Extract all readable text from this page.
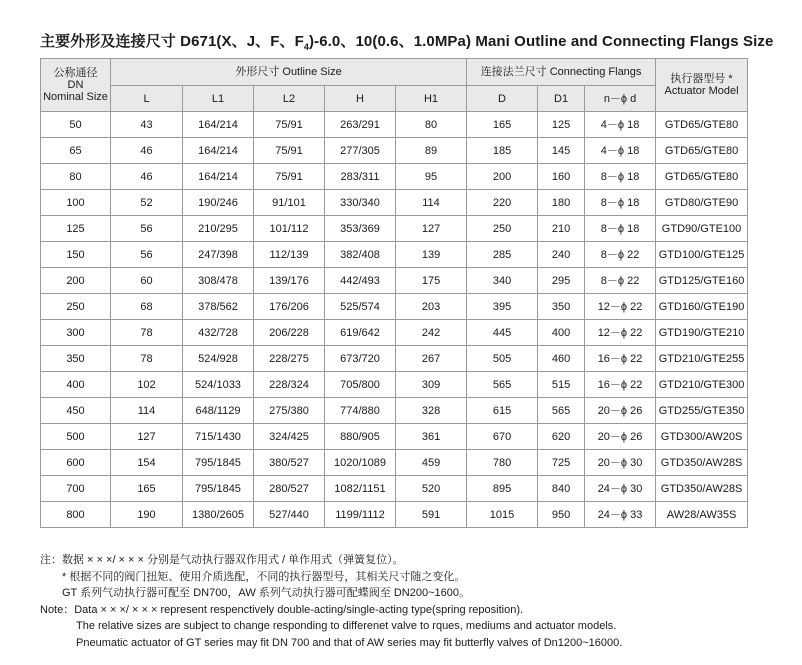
主要外形及连接尺寸 D671(X、J、F、$F_4)-6.0$、10(0.6、1.0MPa) Mani Outline and Connecting Flangs Size
公称通径
DN
Nominal Size	外形尺寸 Outline Size					连接法兰尺寸 Connecting Flangs			执行器型号 *
Actuator Model
	L	L1	L2	H	H1	D	D1	n－ϕ d	
50	43	164/214	75/91	263/291	80	165	125	4－ϕ 18	GTD65/GTE80
65	46	164/214	75/91	277/305	89	185	145	4－ϕ 18	GTD65/GTE80
80	46	164/214	75/91	283/311	95	200	160	8－ϕ 18	GTD65/GTE80
100	52	190/246	91/101	330/340	114	220	180	8－ϕ 18	GTD80/GTE90
125	56	210/295	101/112	353/369	127	250	210	8－ϕ 18	GTD90/GTE100
150	56	247/398	112/139	382/408	139	285	240	8－ϕ 22	GTD100/GTE125
200	60	308/478	139/176	442/493	175	340	295	8－ϕ 22	GTD125/GTE160
250	68	378/562	176/206	525/574	203	395	350	12－ϕ 22	GTD160/GTE190
300	78	432/728	206/228	619/642	242	445	400	12－ϕ 22	GTD190/GTE210
350	78	524/928	228/275	673/720	267	505	460	16－ϕ 22	GTD210/GTE255
400	102	524/1033	228/324	705/800	309	565	515	16－ϕ 22	GTD210/GTE300
450	114	648/1129	275/380	774/880	328	615	565	20－ϕ 26	GTD255/GTE350
500	127	715/1430	324/425	880/905	361	670	620	20－ϕ 26	GTD300/AW20S
600	154	795/1845	380/527	1020/1089	459	780	725	20－ϕ 30	GTD350/AW28S
700	165	795/1845	280/527	1082/1151	520	895	840	24－ϕ 30	GTD350/AW28S
800	190	1380/2605	527/440	1199/1112	591	1015	950	24－ϕ 33	AW28/AW35S
注：数据 × × ×/ × × × 分别是气动执行器双作用式 / 单作用式（弹簧复位）。
* 根据不同的阀门扭矩、使用介质选配，不同的执行器型号，其相关尺寸随之变化。
GT 系列气动执行器可配至 DN700，AW 系列气动执行器可配蝶阀至 DN200~1600。
Note：Data × × ×/ × × × represent respenctively double-acting/single-acting type(spring reposition).
The relative sizes are subject to change responding to differenet valve to rques, mediums and actuator models.
Pneumatic actuator of GT series may fit DN 700 and that of AW series may fit butterfly valves of Dn1200~16000.
